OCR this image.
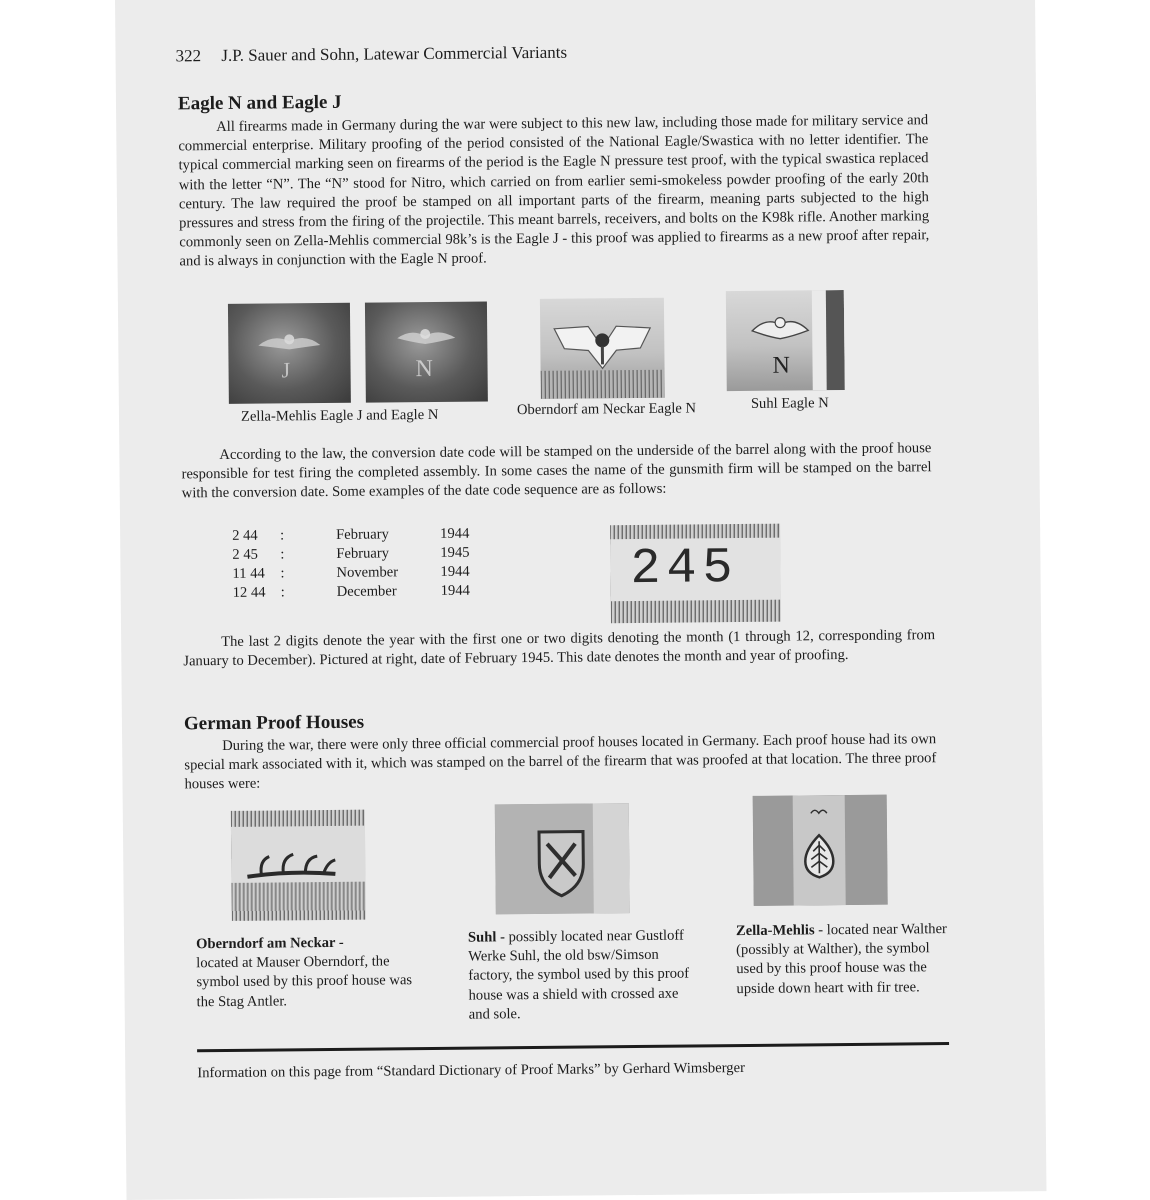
322 J.P. Sauer and Sohn, Latewar Commercial Variants
Eagle N and Eagle J
All firearms made in Germany during the war were subject to this new law, including those made for military service and commercial enterprise. Military proofing of the period consisted of the National Eagle/Swastica with no letter identifier. The typical commercial marking seen on firearms of the period is the Eagle N pressure test proof, with the typical swastica replaced with the letter “N”. The “N” stood for Nitro, which carried on from earlier semi-smokeless powder proofing of the early 20th century. The law required the proof be stamped on all important parts of the firearm, meaning parts subjected to the high pressures and stress from the firing of the projectile. This meant barrels, receivers, and bolts on the K98k rifle. Another marking commonly seen on Zella-Mehlis commercial 98k’s is the Eagle J - this proof was applied to firearms as a new proof after repair, and is always in conjunction with the Eagle N proof.
J	N	N
Zella-Mehlis Eagle J and Eagle N	Oberndorf am Neckar Eagle N	Suhl Eagle N
According to the law, the conversion date code will be stamped on the underside of the barrel along with the proof house responsible for test firing the completed assembly. In some cases the name of the gunsmith firm will be stamped on the barrel with the conversion date. Some examples of the date code sequence are as follows:
2 44	:	February	1944
2 45	:	February	1945
11 44	:	November	1944
12 44	:	December	1944	245
The last 2 digits denote the year with the first one or two digits denoting the month (1 through 12, corresponding from January to December). Pictured at right, date of February 1945. This date denotes the month and year of proofing.
German Proof Houses
During the war, there were only three official commercial proof houses located in Germany. Each proof house had its own special mark associated with it, which was stamped on the barrel of the firearm that was proofed at that location. The three proof houses were:
Oberndorf am Neckar -
located at Mauser Oberndorf, the symbol used by this proof house was the Stag Antler.
Suhl - possibly located near Gustloff Werke Suhl, the old bsw/Simson factory, the symbol used by this proof house was a shield with crossed axe and sole.
Zella-Mehlis - located near Walther (possibly at Walther), the symbol used by this proof house was the upside down heart with fir tree.
Information on this page from “Standard Dictionary of Proof Marks” by Gerhard Wimsberger
